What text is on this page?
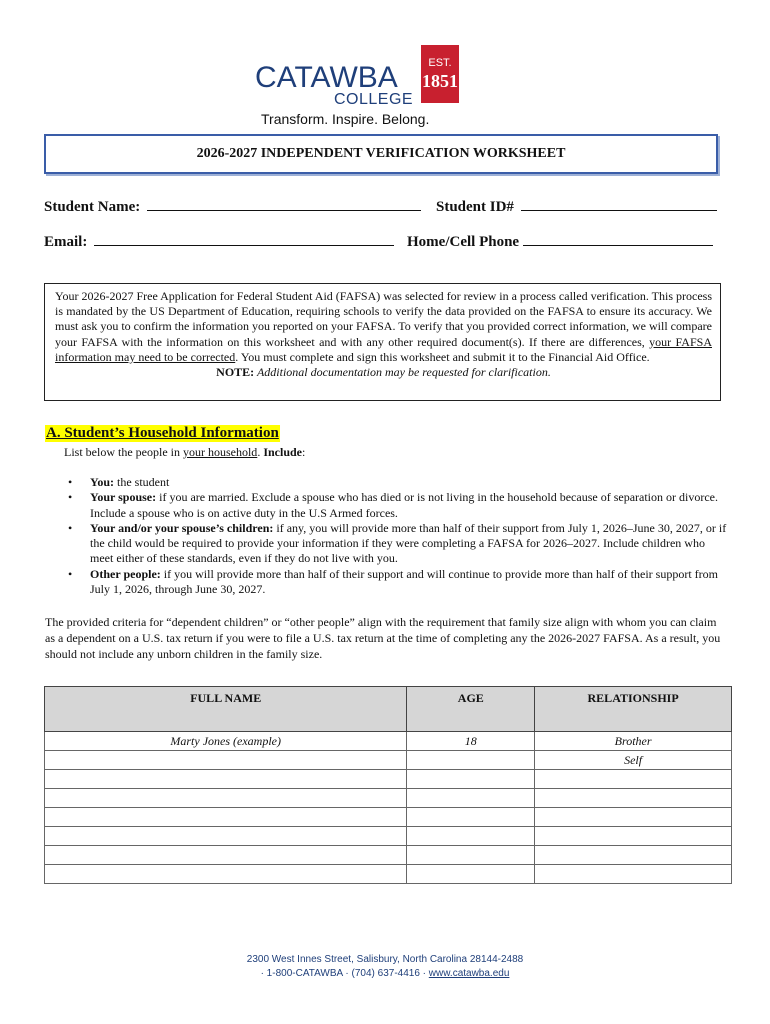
CATAWBA
COLLEGE
EST.
1851
Transform. Inspire. Belong.
2026-2027 INDEPENDENT VERIFICATION WORKSHEET
Student Name:	Student ID#
Email:	Home/Cell Phone
Your 2026-2027 Free Application for Federal Student Aid (FAFSA) was selected for review in a process called verification. This process is mandated by the US Department of Education, requiring schools to verify the data provided on the FAFSA to ensure its accuracy. We must ask you to confirm the information you reported on your FAFSA. To verify that you provided correct information, we will compare your FAFSA with the information on this worksheet and with any other required document(s). If there are differences, your FAFSA information may need to be corrected. You must complete and sign this worksheet and submit it to the Financial Aid Office.
NOTE: Additional documentation may be requested for clarification.
A. Student’s Household Information
List below the people in your household. Include:
• You: the student
• Your spouse: if you are married. Exclude a spouse who has died or is not living in the household because of separation or divorce. Include a spouse who is on active duty in the U.S Armed forces.
• Your and/or your spouse’s children: if any, you will provide more than half of their support from July 1, 2026–June 30, 2027, or if the child would be required to provide your information if they were completing a FAFSA for 2026–2027. Include children who meet either of these standards, even if they do not live with you.
• Other people: if you will provide more than half of their support and will continue to provide more than half of their support from July 1, 2026, through June 30, 2027.
The provided criteria for “dependent children” or “other people” align with the requirement that family size align with whom you can claim as a dependent on a U.S. tax return if you were to file a U.S. tax return at the time of completing any the 2026-2027 FAFSA. As a result, you should not include any unborn children in the family size.
FULL NAME	AGE	RELATIONSHIP
Marty Jones (example)	18	Brother
		Self

2300 West Innes Street, Salisbury, North Carolina 28144-2488
· 1-800-CATAWBA · (704) 637-4416 · www.catawba.edu
